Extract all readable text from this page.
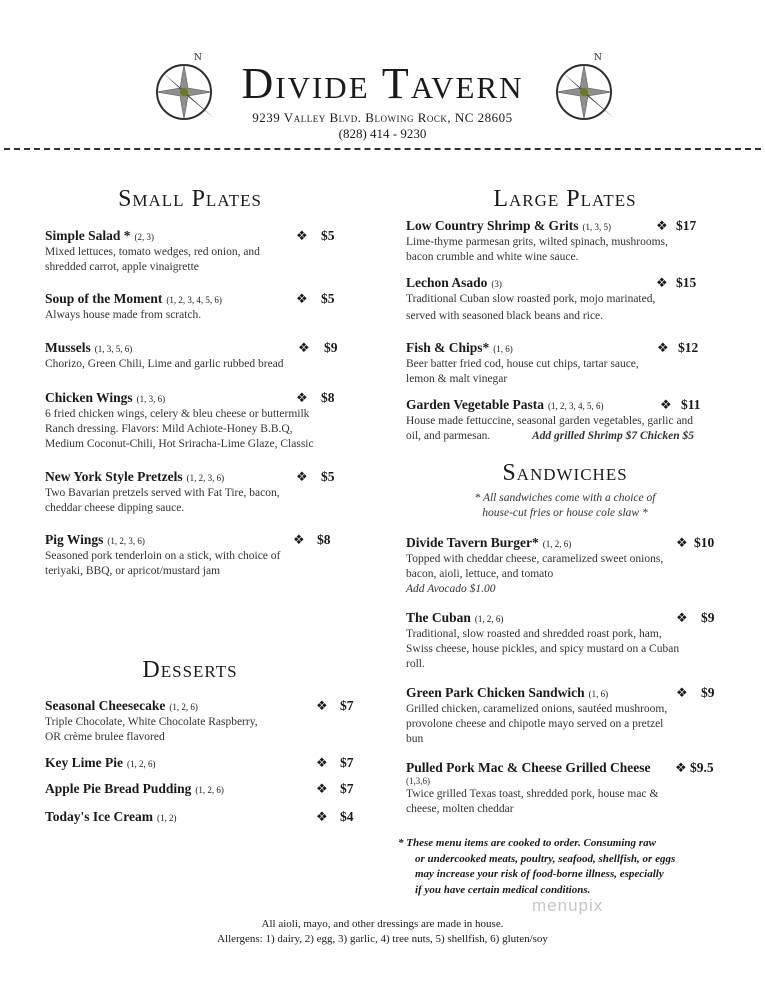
N	N
Divide Tavern
9239 Valley Blvd. Blowing Rock, NC 28605
(828) 414 - 9230
Small Plates
Simple Salad * (2, 3)
Mixed lettuces, tomato wedges, red onion, and
shredded carrot, apple vinaigrette
❖ $5
Soup of the Moment (1, 2, 3, 4, 5, 6)
Always house made from scratch.
❖ $5
Mussels (1, 3, 5, 6)
Chorizo, Green Chili, Lime and garlic rubbed bread
❖ $9
Chicken Wings (1, 3, 6)
6 fried chicken wings, celery & bleu cheese or buttermilk
Ranch dressing. Flavors: Mild Achiote-Honey B.B.Q,
Medium Coconut-Chili, Hot Sriracha-Lime Glaze, Classic
❖ $8
New York Style Pretzels (1, 2, 3, 6)
Two Bavarian pretzels served with Fat Tire, bacon,
cheddar cheese dipping sauce.
❖ $5
Pig Wings (1, 2, 3, 6)
Seasoned pork tenderloin on a stick, with choice of
teriyaki, BBQ, or apricot/mustard jam
❖ $8
Desserts
Seasonal Cheesecake (1, 2, 6)
Triple Chocolate, White Chocolate Raspberry,
OR crème brulee flavored
❖ $7
Key Lime Pie (1, 2, 6)	❖ $7
Apple Pie Bread Pudding (1, 2, 6)	❖ $7
Today's Ice Cream (1, 2)	❖ $4
Large Plates
Low Country Shrimp & Grits (1, 3, 5)
Lime-thyme parmesan grits, wilted spinach, mushrooms,
bacon crumble and white wine sauce.
❖ $17
Lechon Asado (3)
Traditional Cuban slow roasted pork, mojo marinated,
served with seasoned black beans and rice.
❖ $15
Fish & Chips* (1, 6)
Beer batter fried cod, house cut chips, tartar sauce,
lemon & malt vinegar
❖ $12
Garden Vegetable Pasta (1, 2, 3, 4, 5, 6)
House made fettuccine, seasonal garden vegetables, garlic and
oil, and parmesan.	Add grilled Shrimp $7 Chicken $5
❖ $11
Sandwiches
* All sandwiches come with a choice of
house-cut fries or house cole slaw *
Divide Tavern Burger* (1, 2, 6)
Topped with cheddar cheese, caramelized sweet onions,
bacon, aioli, lettuce, and tomato
Add Avocado $1.00
❖ $10
The Cuban (1, 2, 6)
Traditional, slow roasted and shredded roast pork, ham,
Swiss cheese, house pickles, and spicy mustard on a Cuban
roll.
❖ $9
Green Park Chicken Sandwich (1, 6)
Grilled chicken, caramelized onions, sautéed mushroom,
provolone cheese and chipotle mayo served on a pretzel
bun
❖ $9
Pulled Pork Mac & Cheese Grilled Cheese
(1,3,6)
Twice grilled Texas toast, shredded pork, house mac &
cheese, molten cheddar
❖ $9.5
* These menu items are cooked to order. Consuming raw
or undercooked meats, poultry, seafood, shellfish, or eggs
may increase your risk of food-borne illness, especially
if you have certain medical conditions.
menupix
All aioli, mayo, and other dressings are made in house.
Allergens: 1) dairy, 2) egg, 3) garlic, 4) tree nuts, 5) shellfish, 6) gluten/soy
